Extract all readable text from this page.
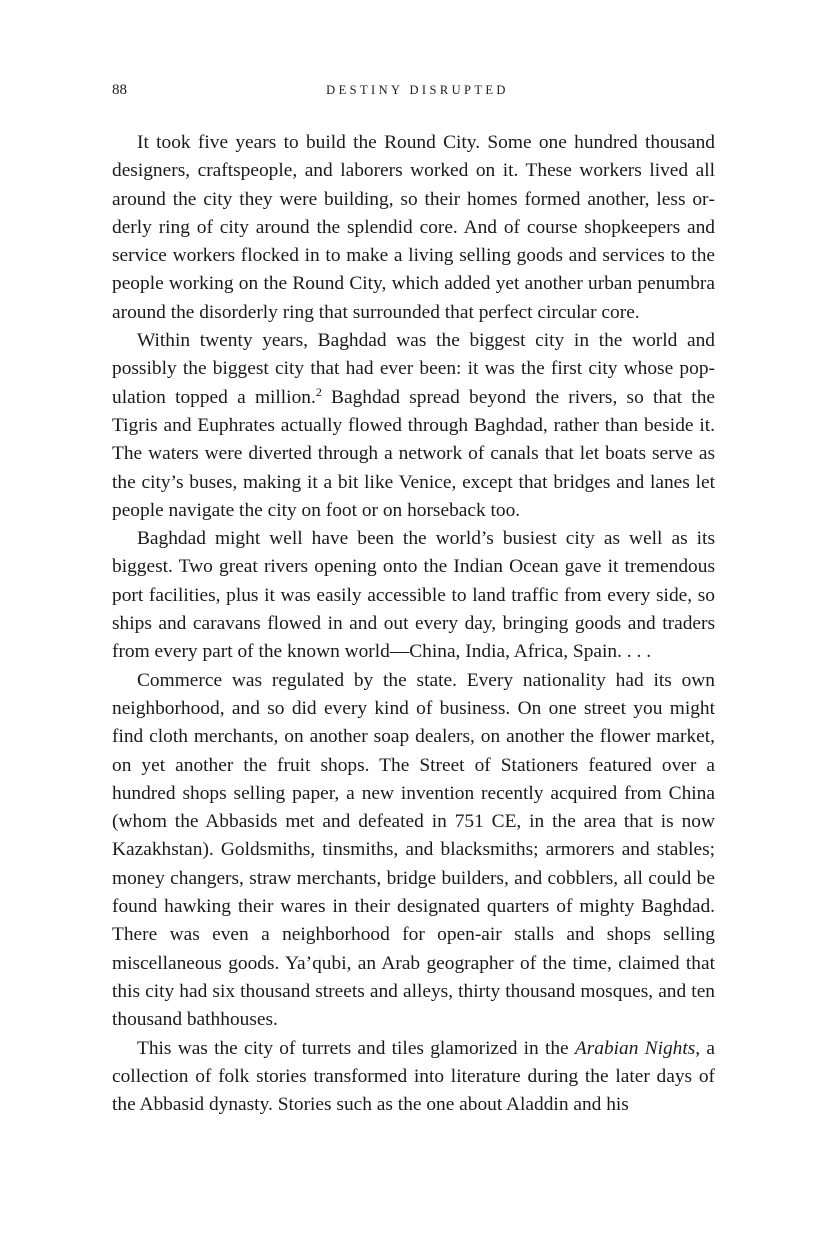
88	DESTINY DISRUPTED

It took five years to build the Round City. Some one hundred thousand designers, craftspeople, and laborers worked on it. These workers lived all around the city they were building, so their homes formed another, less orderly ring of city around the splendid core. And of course shopkeepers and service workers flocked in to make a living selling goods and services to the people working on the Round City, which added yet another urban penumbra around the disorderly ring that surrounded that perfect circular core.

Within twenty years, Baghdad was the biggest city in the world and possibly the biggest city that had ever been: it was the first city whose population topped a million.$^2$ Baghdad spread beyond the rivers, so that the Tigris and Euphrates actually flowed through Baghdad, rather than beside it. The waters were diverted through a network of canals that let boats serve as the city’s buses, making it a bit like Venice, except that bridges and lanes let people navigate the city on foot or on horseback too.

Baghdad might well have been the world’s busiest city as well as its biggest. Two great rivers opening onto the Indian Ocean gave it tremendous port facilities, plus it was easily accessible to land traffic from every side, so ships and caravans flowed in and out every day, bringing goods and traders from every part of the known world—China, India, Africa, Spain. . . .

Commerce was regulated by the state. Every nationality had its own neighborhood, and so did every kind of business. On one street you might find cloth merchants, on another soap dealers, on another the flower market, on yet another the fruit shops. The Street of Stationers featured over a hundred shops selling paper, a new invention recently acquired from China (whom the Abbasids met and defeated in 751 CE, in the area that is now Kazakhstan). Goldsmiths, tinsmiths, and blacksmiths; armorers and stables; money changers, straw merchants, bridge builders, and cobblers, all could be found hawking their wares in their designated quarters of mighty Baghdad. There was even a neighborhood for open-air stalls and shops selling miscellaneous goods. Ya’qubi, an Arab geographer of the time, claimed that this city had six thousand streets and alleys, thirty thousand mosques, and ten thousand bathhouses.

This was the city of turrets and tiles glamorized in the Arabian Nights, a collection of folk stories transformed into literature during the later days of the Abbasid dynasty. Stories such as the one about Aladdin and his
